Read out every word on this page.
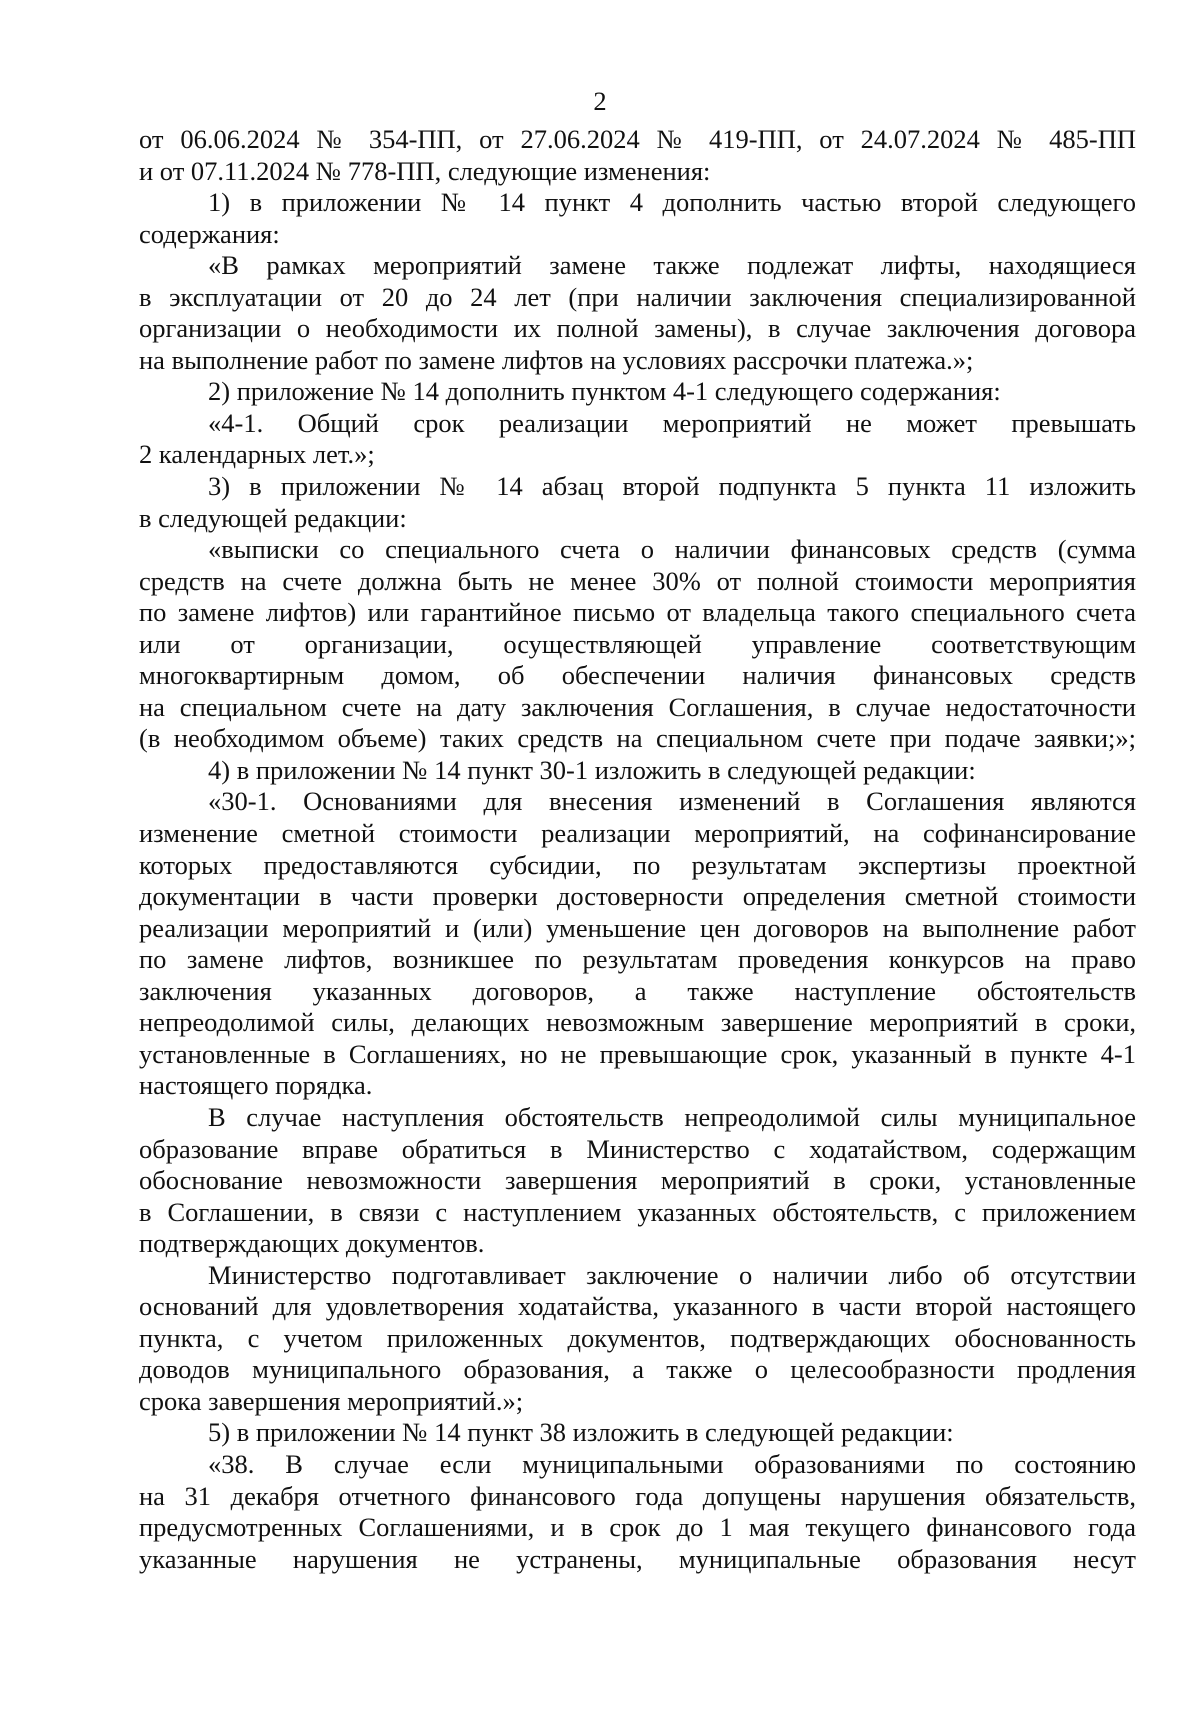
2
от 06.06.2024 № 354-ПП, от 27.06.2024 № 419-ПП, от 24.07.2024 № 485-ПП
и от 07.11.2024 № 778-ПП, следующие изменения:
1) в приложении № 14 пункт 4 дополнить частью второй следующего
содержания:
«В рамках мероприятий замене также подлежат лифты, находящиеся
в эксплуатации от 20 до 24 лет (при наличии заключения специализированной
организации о необходимости их полной замены), в случае заключения договора
на выполнение работ по замене лифтов на условиях рассрочки платежа.»;
2) приложение № 14 дополнить пунктом 4-1 следующего содержания:
«4-1. Общий срок реализации мероприятий не может превышать
2 календарных лет.»;
3) в приложении № 14 абзац второй подпункта 5 пункта 11 изложить
в следующей редакции:
«выписки со специального счета о наличии финансовых средств (сумма
средств на счете должна быть не менее 30% от полной стоимости мероприятия
по замене лифтов) или гарантийное письмо от владельца такого специального счета
или от организации, осуществляющей управление соответствующим
многоквартирным домом, об обеспечении наличия финансовых средств
на специальном счете на дату заключения Соглашения, в случае недостаточности
(в необходимом объеме) таких средств на специальном счете при подаче заявки;»;
4) в приложении № 14 пункт 30-1 изложить в следующей редакции:
«30-1. Основаниями для внесения изменений в Соглашения являются
изменение сметной стоимости реализации мероприятий, на софинансирование
которых предоставляются субсидии, по результатам экспертизы проектной
документации в части проверки достоверности определения сметной стоимости
реализации мероприятий и (или) уменьшение цен договоров на выполнение работ
по замене лифтов, возникшее по результатам проведения конкурсов на право
заключения указанных договоров, а также наступление обстоятельств
непреодолимой силы, делающих невозможным завершение мероприятий в сроки,
установленные в Соглашениях, но не превышающие срок, указанный в пункте 4-1
настоящего порядка.
В случае наступления обстоятельств непреодолимой силы муниципальное
образование вправе обратиться в Министерство с ходатайством, содержащим
обоснование невозможности завершения мероприятий в сроки, установленные
в Соглашении, в связи с наступлением указанных обстоятельств, с приложением
подтверждающих документов.
Министерство подготавливает заключение о наличии либо об отсутствии
оснований для удовлетворения ходатайства, указанного в части второй настоящего
пункта, с учетом приложенных документов, подтверждающих обоснованность
доводов муниципального образования, а также о целесообразности продления
срока завершения мероприятий.»;
5) в приложении № 14 пункт 38 изложить в следующей редакции:
«38. В случае если муниципальными образованиями по состоянию
на 31 декабря отчетного финансового года допущены нарушения обязательств,
предусмотренных Соглашениями, и в срок до 1 мая текущего финансового года
указанные нарушения не устранены, муниципальные образования несут
